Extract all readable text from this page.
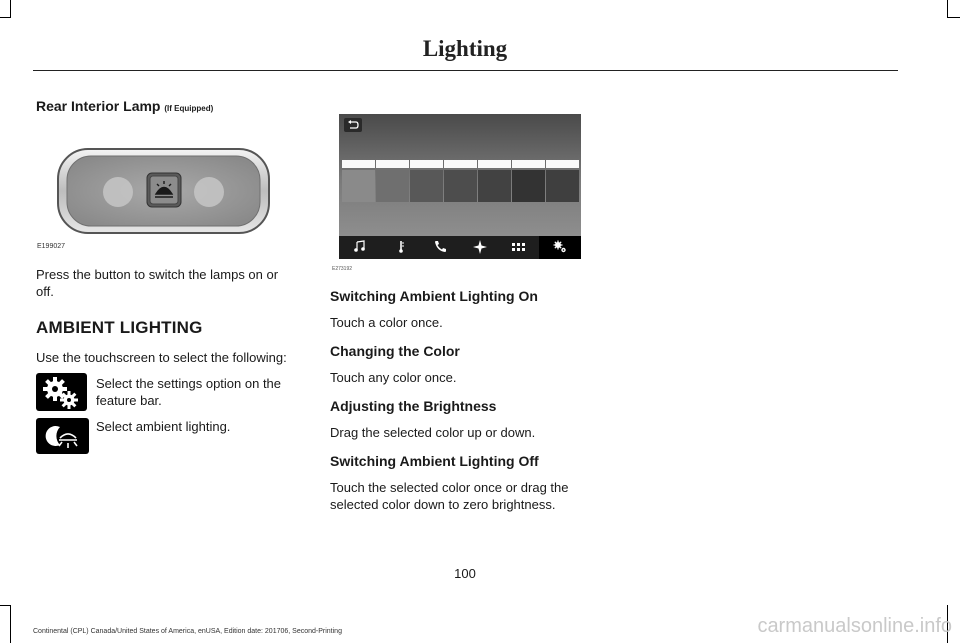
Lighting
Rear Interior Lamp (If Equipped)
E199027
Press the button to switch the lamps on or off.
AMBIENT LIGHTING
Use the touchscreen to select the following:
Select the settings option on the feature bar.
Select ambient lighting.
E273192
Switching Ambient Lighting On
Touch a color once.
Changing the Color
Touch any color once.
Adjusting the Brightness
Drag the selected color up or down.
Switching Ambient Lighting Off
Touch the selected color once or drag the selected color down to zero brightness.
100
Continental (CPL) Canada/United States of America, enUSA, Edition date: 201706, Second-Printing	carmanualsonline.info
